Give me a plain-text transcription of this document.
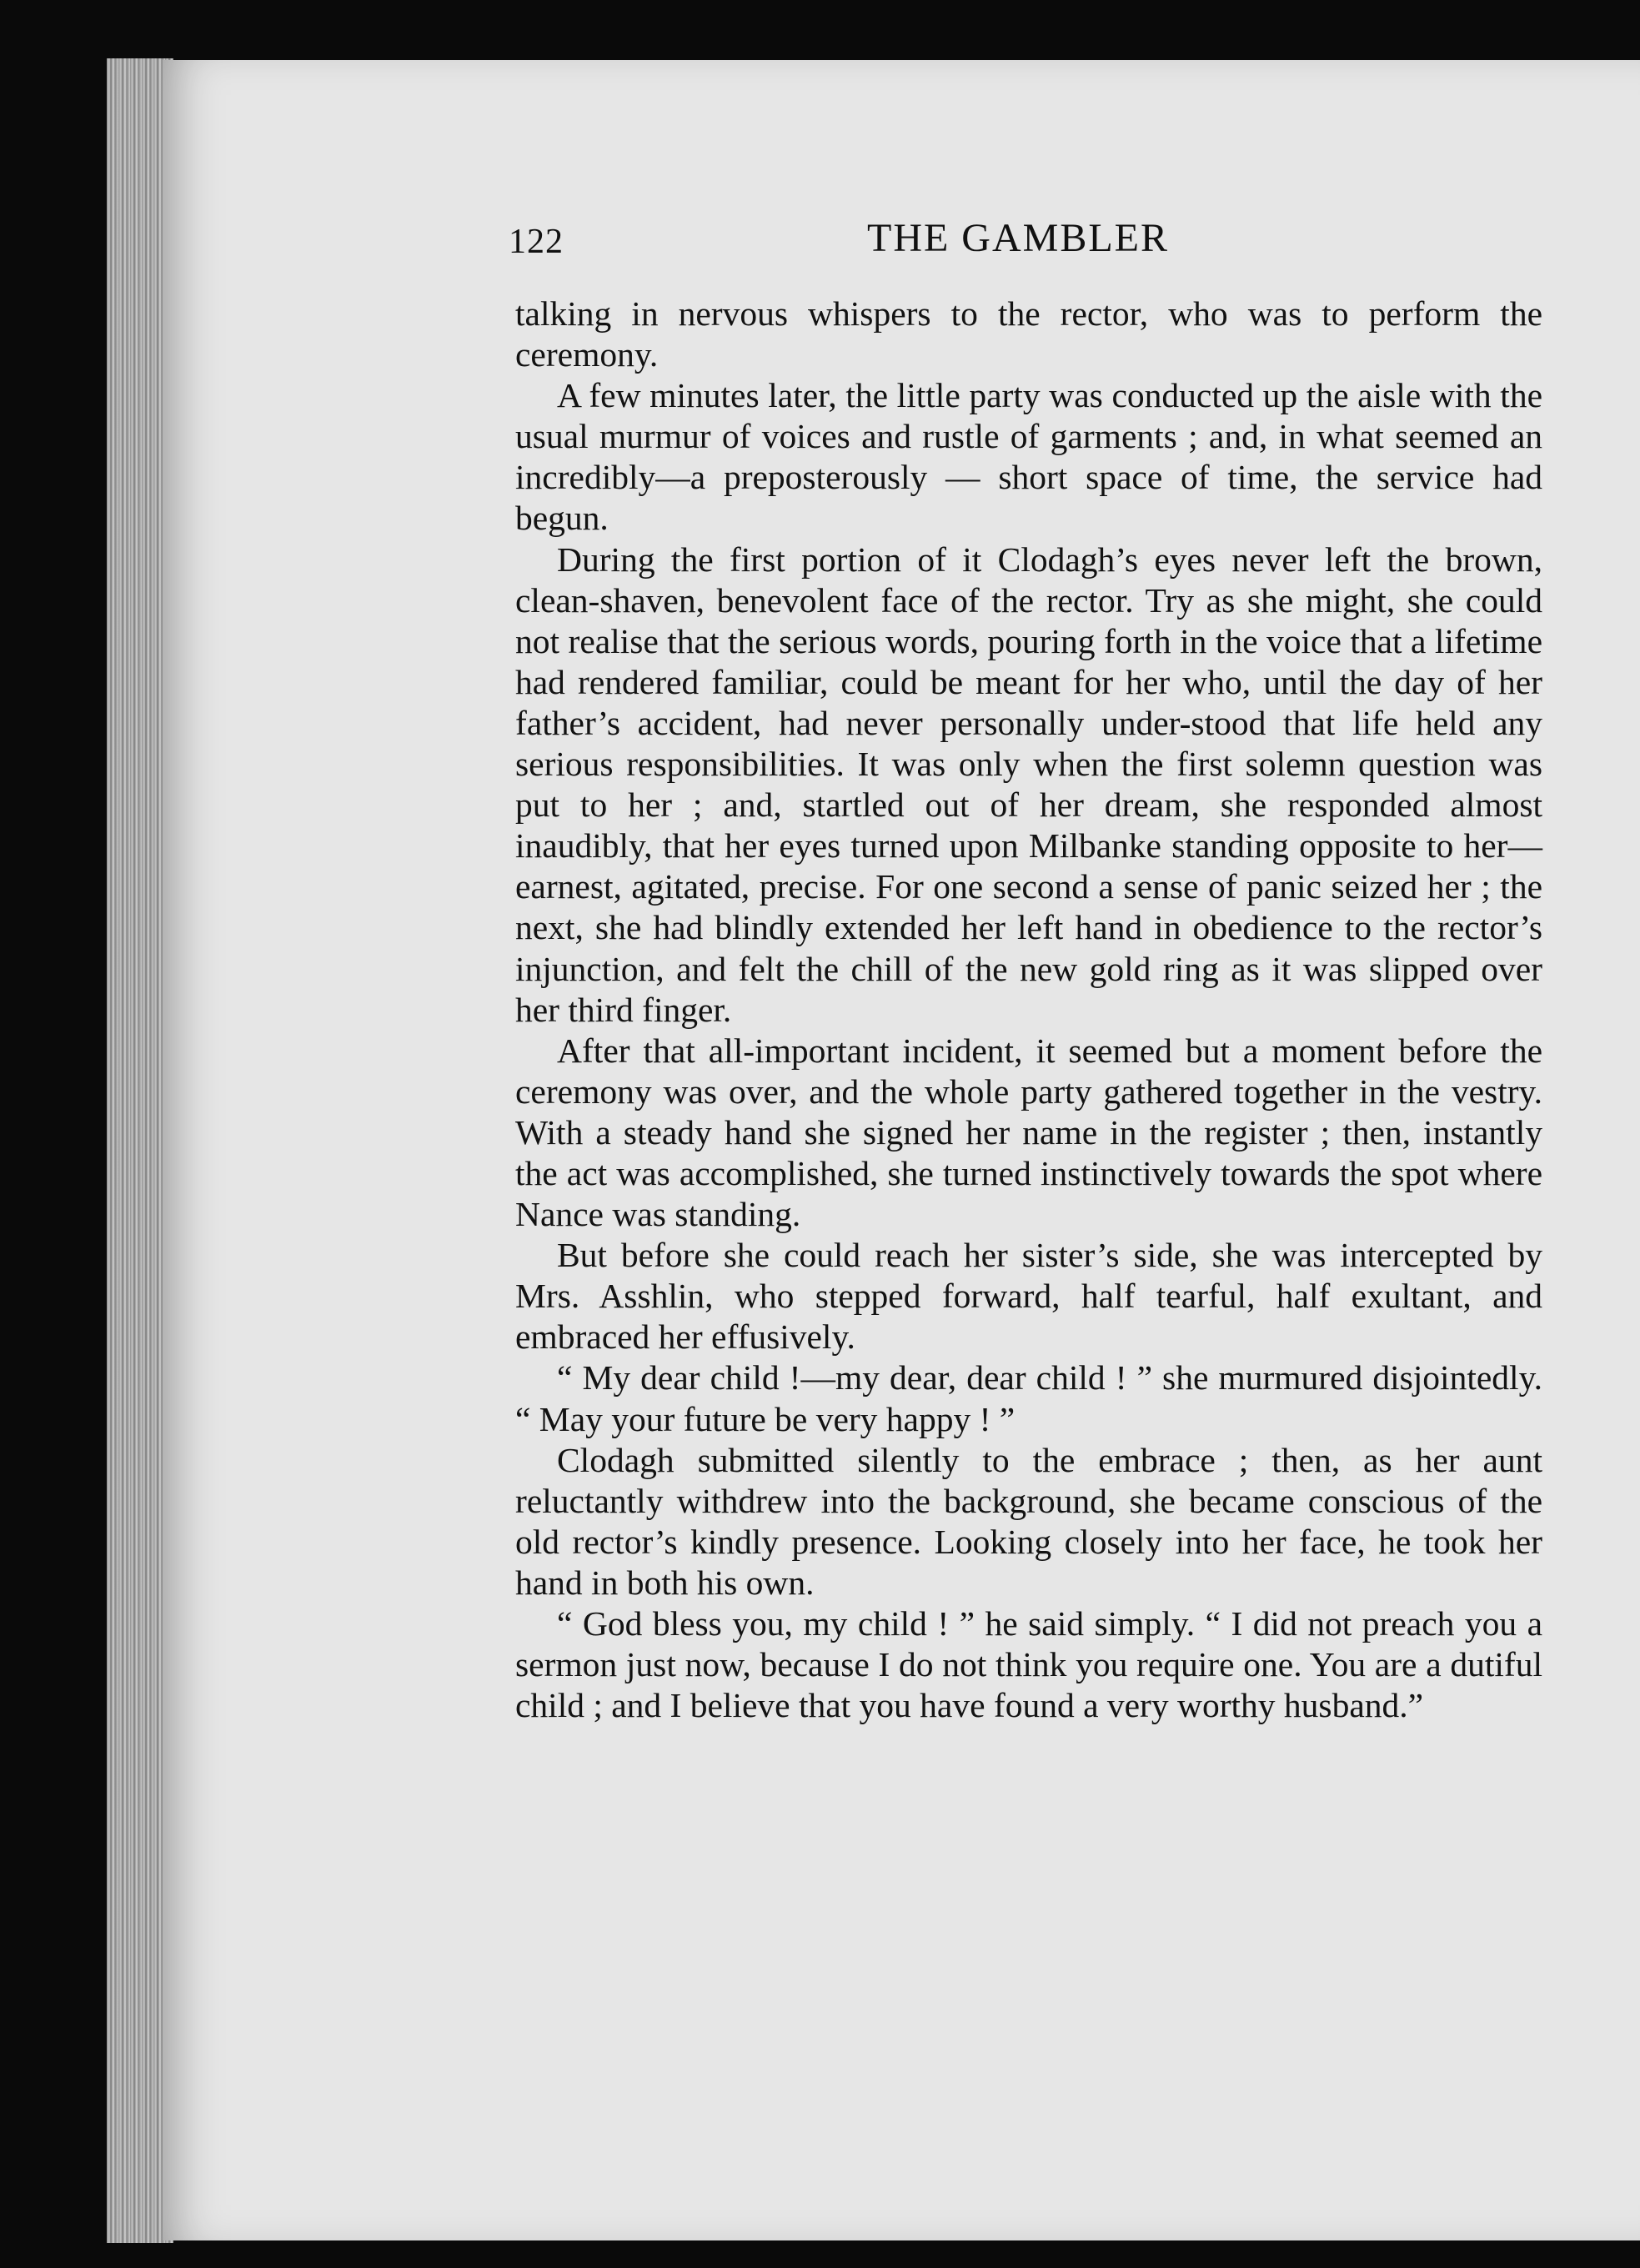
122	THE GAMBLER

talking in nervous whispers to the rector, who was to perform the ceremony.

A few minutes later, the little party was conducted up the aisle with the usual murmur of voices and rustle of garments ; and, in what seemed an incredibly—a preposterously — short space of time, the service had begun.

During the first portion of it Clodagh’s eyes never left the brown, clean-shaven, benevolent face of the rector. Try as she might, she could not realise that the serious words, pouring forth in the voice that a lifetime had rendered familiar, could be meant for her who, until the day of her father’s accident, had never personally under-stood that life held any serious responsibilities. It was only when the first solemn question was put to her ; and, startled out of her dream, she responded almost inaudibly, that her eyes turned upon Milbanke standing opposite to her—earnest, agitated, precise. For one second a sense of panic seized her ; the next, she had blindly extended her left hand in obedience to the rector’s injunction, and felt the chill of the new gold ring as it was slipped over her third finger.

After that all-important incident, it seemed but a moment before the ceremony was over, and the whole party gathered together in the vestry. With a steady hand she signed her name in the register ; then, instantly the act was accomplished, she turned instinctively towards the spot where Nance was standing.

But before she could reach her sister’s side, she was intercepted by Mrs. Asshlin, who stepped forward, half tearful, half exultant, and embraced her effusively.

“ My dear child !—my dear, dear child ! ” she murmured disjointedly. “ May your future be very happy ! ”

Clodagh submitted silently to the embrace ; then, as her aunt reluctantly withdrew into the background, she became conscious of the old rector’s kindly presence. Looking closely into her face, he took her hand in both his own.

“ God bless you, my child ! ” he said simply. “ I did not preach you a sermon just now, because I do not think you require one. You are a dutiful child ; and I believe that you have found a very worthy husband.”
